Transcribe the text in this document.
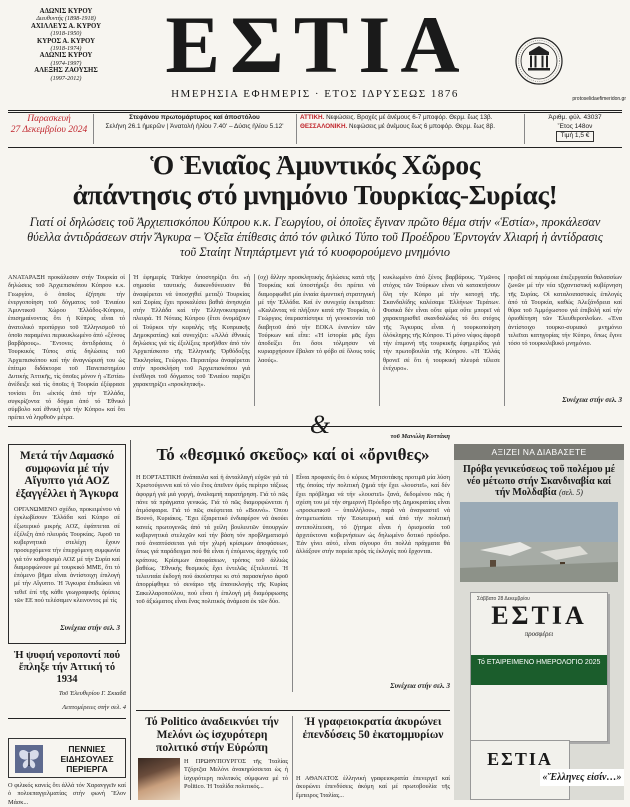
ΑΔΩΝΙΣ ΚΥΡΟΥ
Διευθυντής (1898-1918)
ΑΧΙΛΛΕΥΣ Α. ΚΥΡΟΥ
(1918-1950)
ΚΥΡΟΣ Α. ΚΥΡΟΥ
(1918-1974)
ΑΔΩΝΙΣ ΚΥΡΟΥ
(1974-1997)
ΑΛΕΞΗΣ ΖΑΟΥΣΗΣ
(1997-2012)	ΕΣΤΙΑ
ΗΜΕΡΗΣΙΑ ΕΦΗΜΕΡΙΣ · ΕΤΟΣ ΙΔΡΥΣΕΩΣ 1876	protoselidaefimeridon.gr
Παρασκευή
27 Δεκεμβρίου 2024
Στεφάνου πρωτομάρτυρος καί ἀποστόλου
Σελήνη 26.1 ἡμερῶν | Ἀνατολή ἡλίου 7.40' – Δύσις ἡλίου 5.12'
ΑΤΤΙΚΗ. Νεφώσεις. Βροχές μέ ἀνέμους 6-7 μποφόρ. Θερμ. ἕως 13β.
ΘΕΣΣΑΛΟΝΙΚΗ. Νεφώσεις μέ ἀνέμους ἕως 6 μποφόρ. Θερμ. ἕως 8β.
Ἀριθμ. φύλ. 43037
Ἔτος 148ον
Τιμή 1,5 €
Ὁ Ἑνιαῖος Ἀμυντικός Χῶρος
ἀπάντησις στό μνημόνιο Τουρκίας-Συρίας!
Γιατί οἱ δηλώσεις τοῦ Ἀρχιεπισκόπου Κύπρου κ.κ. Γεωργίου, οἱ ὁποῖες ἔγιναν πρῶτο θέμα στήν «Ἑστία», προκάλεσαν θύελλα ἀντιδράσεων στήν Ἄγκυρα – Ὀξεῖα ἐπίθεσις ἀπό τόν φιλικό Τύπο τοῦ Προέδρου Ἐρντογάν Χλιαρή ἡ ἀντίδρασις τοῦ Σταίητ Ντηπάρτμεντ γιά τό κυοφορούμενο μνημόνιο
ΑΝΑΤΑΡΑΞΗ προκάλεσαν στήν Τουρκία οἱ δηλώσεις τοῦ Ἀρχιεπισκόπου Κύπρου κ.κ. Γεωργίου, ὁ ὁποῖος ἐζήτησε τήν ἐνεργοποίηση τοῦ δόγματος τοῦ Ἑνιαίου Ἀμυντικοῦ Χώρου Ἑλλάδος-Κύπρου, ἐπισημαίνοντας ὅτι ἡ Κύπρος εἶναι τό ἀνατολικό προπύργιο τοῦ Ἑλληνισμοῦ τό ὁποῖο παραμένει περικυκλωμένο ἀπό «ξένους βαρβάρους». Ἔντονες ἀντιδράσεις ὁ Τουρκικός Τύπος στίς δηλώσεις τοῦ Ἀρχιεπισκόπου καί τήν ἀναγνώρισή του ὡς ἐπίτιμο διδάκτορα τοῦ Πανεπιστημίου Δυτικής Ἀττικῆς, τίς ὁποῖες μόνον ἡ «Ἑστία» ἀνέδειξε καί τίς ὁποῖες ἡ Τουρκία ἐξέφρασε τονίσει ὅτι «ἐκτός ἀπό τήν Ἑλλάδα, συγκρίζοντα τό δόγμα ἀπό τό Ἐθνικό σύμβολο καί ἐθνική γιά τήν Κύπρο» καί ὅτι πρέπει νά ληφθοῦν μέτρα.
Ἡ ἐφημερίς Türkiye ὑποστηρίζει ὅτι «ἡ σημασία ταυτικής διακυνδύνευσεν θά ἀναφέρεται νά ὑποσχηθεί μεταξύ Τουρκίας καί Συρίας ἔχει προκαλέσει βαθιά ἀνησυχία στήν Ἑλλάδα καί τήν Ἑλληνοκυπριακή πλευρά. Ἡ Νότιας Κύπρου (ἔτσι ὀνομάζουν οἱ Τούρκοι τήν κεφαλής τῆς Κυπριακῆς Δημοκρατίας) καί συνεχίζει: «Ἀλλά ἐθνικές δηλώσεις γιά τίς ἐξελίξεις προῆλθαν ἀπό τόν Ἀρχιεπίσκοπο τῆς Ἑλληνικῆς Ὀρθόδοξης Ἐκκλησίας, Γεώργιο. Περαιτέρω ἀναφέρεται στήν προσκλήση τοῦ Ἀρχιεπισκόπου γιά ἐνεθλησι τοῦ δόγματος τοῦ Ἑνιαίου παρίζει χαρακτηρίζει «προκλητική».
(οχ) ἄλλην προσκλητικής δηλώσεις κατά τῆς Τουρκίας καί ὑποστήριξε ὅτι πρέπει νά διαμορφωθεῖ μία ἑνιαία ἀμυντική στρατηγική μέ τήν Ἑλλάδα. Καί ἐν συνεχείᾳ ἐκτιμᾶται: «Καλῶντας νά πλήξουν κατά τῆν Τουρκία, ὁ Γεώργιος ὑπερασπίστηκε τή γενοκτονία τοῦ διαβητοῦ ἀπό τήν ΕΟΚΑ ἐναντίον τῶν Τούρκων καί εἶπε: «Ἡ ἱστορία μᾶς ἔχει ἀποδείξει ὅτι ὅσοι τόλμησαν νά κυριαρχήσουν ἔβαλαν τό φόβο σέ ὅλους τούς λαούς».
κυκλωμένο ἀπό ξένος βαρβάρους. Ὑμῶνος στόχος τῶν Τούρκων εἶναι νά κατακτήσουν ὅλη τήν Κύπρο μέ τήν κατοχή τῆς. Σκανδαλίδης καλέσαμε Ἑλλήνων Τεράτων. Φυσικά δέν εἶναι οὔτε φέμα οὔτε μπορεῖ νά χαρακτηρισθεῖ σκανδαλώδες τό ὅτι στόχος τῆς Ἄγκυρας εἶναι ἡ τουρκοποίηση ὁλόκληρης τῆς Κύπρου. Τί μόνο νέφος ἀφορᾶ τήν ἐπιμονή τῆς τουρκικῆς ἐφημερίδος γιά τήν πρωτοβουλία τῆς Κύπρου. «Ἡ Ἑλλάς θρονεῖ σέ ὅτι ἡ τουρκική πλευρά τέλεσε ἐνέχυρο».
προβεῖ σέ παρόμοια ἐπεξεργασία θαλασσίων ζωνῶν μέ τήν νέα τζιχαντιστική κυβέρνηση τῆς Συρίας. Οἱ καταλοιπαστικές ἐπιλογές ἀπό τά Τουρκία, καθώς Ἀλεξάνδρεια καί θύρα τοῦ Ἀμμόχωστου γιά ἐπιβολή καί τήν ὁριοθέτηση τῶν Ἐλευθεροπλοΐων. «Ἐνα ἀντίστοιχο τουρκο-συριακό μνημόνιο τελεῖται κατηγορίας τήν Κύπρο, ὅπως ἔγινε τόσο τό τουρκολιβυκό μνημόνιο.
Συνέχεια στήν σελ. 3
&
Μετά τήν Δαμασκό συμφωνία μέ τήν Αἴγυπτο γιά ΑΟΖ ἐξαγγέλλει ἡ Ἄγκυρα
ΟΡΓΑΝΩΜΕΝΟ σχέδιο, προκειμένου νά ἐγκλωβίσουν Ἑλλάδα καί Κύπρο σέ ἐξωτερικό μικρής ΑΟΖ, ἐφάπτεται σέ ἐξέλιξη ἀπό πλευράς Τουρκίας. Ἀφοῦ τα κυβερνητικά στελέχη ἔχουν προσερχόμενα τήν ἐπερχόμενη συμφωνία γιά τόν καθορισμό ΑΟΖ μέ τήν Συρία καί διαμορφώνουν μέ τουρκικό ΜΜΕ, ὅτι τό ἑπόμενο βῆμα εἶναι ἀντίστοιχη ἐπιλογή μέ τήν Αἴγυπτο. Ἡ Ἄγκυρα ἐπιδιώκει νά τεθεῖ ἐπί τῆς κάθε γεωγραφικῆς ὁρίσεις τῶν ΕΕ πού τελέσαμεν κλεινοντος μέ τίς
Συνέχεια στήν σελ. 3
Ἡ ψυφιή νεροποντί πού ἔπληξε τήν Ἀττική τό 1934
Τοῦ Ἐλευθερίου Γ. Σκιαδᾶ
Λεπτομέρειες στήν σελ. 4
ΠΕΝΝΙΕΣ ΕΙΔΗΣΟΥΛΕΣ ΠΕΡΙΕΡΓΑ
Ο φιλικός κανείς ὅτι ἀλλά τόν Χαρανγγεῖν καί ὁ πολυεπαγγελματίας στήν φωνή Ἔλον Μάσκ...
τοῦ Μανώλη Κοττάκη
Τό «θεσμικό σκεῦος» καί οἱ «ὄρνιθες»
Η ΕΟΡΤΑΣΤΙΚΗ ἀνάπαυλα καί ἡ ἀνταλλαγή εὐχῶν γιά τά Χριστούγεννα καί τό νέο ἔτος ἀπεῖνεν ὁμός περίτρο τάξεως ἀφορμή γιά μιά γοργή, ἀναλαμπή παρατήρηση. Γιά τό πῶς πάνε τά πράγματα γενικώς. Γιά τό πῶς διαμορφώνεται ἡ ἀτμόσφαιρα. Γιά τό πῶς σκέφτεται τό «Βουνό». Ὁπου Βουνό, Κυριάκος. Ἔχει ἐξαιρετικό ἐνδιαφέρον νά ἀκούει κανείς πρωτογενῶς ἀπό τά χείλη βουλευτῶν ὑπουργών κυβερνητικά στελεχῶν καί τήν βάση τόν προβληματισμό πού ἀναπτύσσεται γιά τήν χλιρή κρίσιμων ἀποφάσεων, ὅπως γιά παράδειγμα πού θά εἶναι ἡ ἐπόμενος ἀρχηγός τοῦ κράτους. Κρίσιμων ἀποφάσεων, τρόπος τοῦ ἀλλιώς βαθέως. Ἐθνικής θεσμικός ἔχει ἐντελῶς ἐξτελευτεί. Ἡ τελευταία ἐκδοχή πού ἀκούστηκε κι στό παρασκήνιο ἀφοῦ ἀπορρίφθηκε τό σενάριο τῆς ἐπανεκλογής τῆς Κυρίας Σακελλαροπούλου, πού εἶναι ἡ ἐπιλογή μή διαμόρφωσης τοῦ ἀξιώματος εἶναι ἕνας πολιτικός ἀνάμεσα ἐκ τῶν δύο.
Εἶναι προφανές ὅτι ὁ κύριος Μητσοτάκης προτιμᾶ μία λύση τῆς ὁποίας τήν πολιτική ζημιά τήν ἔχει «λουστεῖ», καί δέν ἔχει πρόβλημα νά τήν «λουστεῖ» ξανά, δεδομένου πῶς ἡ σχέση του μέ τήν σημερινή Πρόεδρο τῆς Δημοκρατίας εἶναι «προσωπικοῦ – ὑπαλλήλου», παρά νά ἀναγκαστεῖ νά ἀντιμετωπίσει τήν Ἐσωτερικὴ καί ἀπό τήν πολιτική αντιπολίτευση, τό ζήτημα εἶναι ἡ ὁρισμοσία τοῦ ἀρχιτέκτονα κυβερνήσεων ὡς δηλωμένο δοτικό πρόεδρο. Ἐάν γίνει αὐτό, εἶναι σίγουρο ὅτι πολλά πράγματα θά ἀλλάξουν στήν πορεία πρός τίς ἐκλογές πού ἔρχονται.
Συνέχεια στήν σελ. 3
Τό Politico ἀναδεικνύει τήν Μελόνι ὡς ἰσχυρότερη πολιτικό στήν Εὐρώπη
Η ΠΡΩΘΥΠΟΥΡΓΟΣ τῆς Ἰταλίας Τζόρτζια Μελόνι ἀνακηρύσσεται ὡς ἡ ἰσχυρότερη πολιτικός σύμφωνα μέ τό Politico. Ἡ Ἰταλίδα πολιτικός...
Ἡ γραφειοκρατία ἀκυρώνει ἐπενδύσεις 50 ἑκατομμυρίων
Η ΑΘΑΝΑΤΟΣ ἑλληνική γραφειοκρατία ἐπενεργεῖ καί ἀκυρώνει ἐπενδύσεις ἀκόμη καί μέ πρωτοβουλία τῆς ἔμπειρος Ἰταλίας...
ΑΞΙΖΕΙ ΝΑ ΔΙΑΒΑΣΕΤΕ
Πρόβα γενικεύσεως τοῦ πολέμου μέ νέο μέτωπο στήν Σκανδιναβία καί τήν Μολδαβία (σελ. 5)
Σάββατο 28 Δεκεμβρίου
ΕΣΤΙΑ
προσφέρει
Τό ΕΤΑΙΡΕΙΜΕΝΟ ΗΜΕΡΟΛΟΓΙΟ 2025
ΕΣΤΙΑ
«Ἕλληνες εἰσίν…»
